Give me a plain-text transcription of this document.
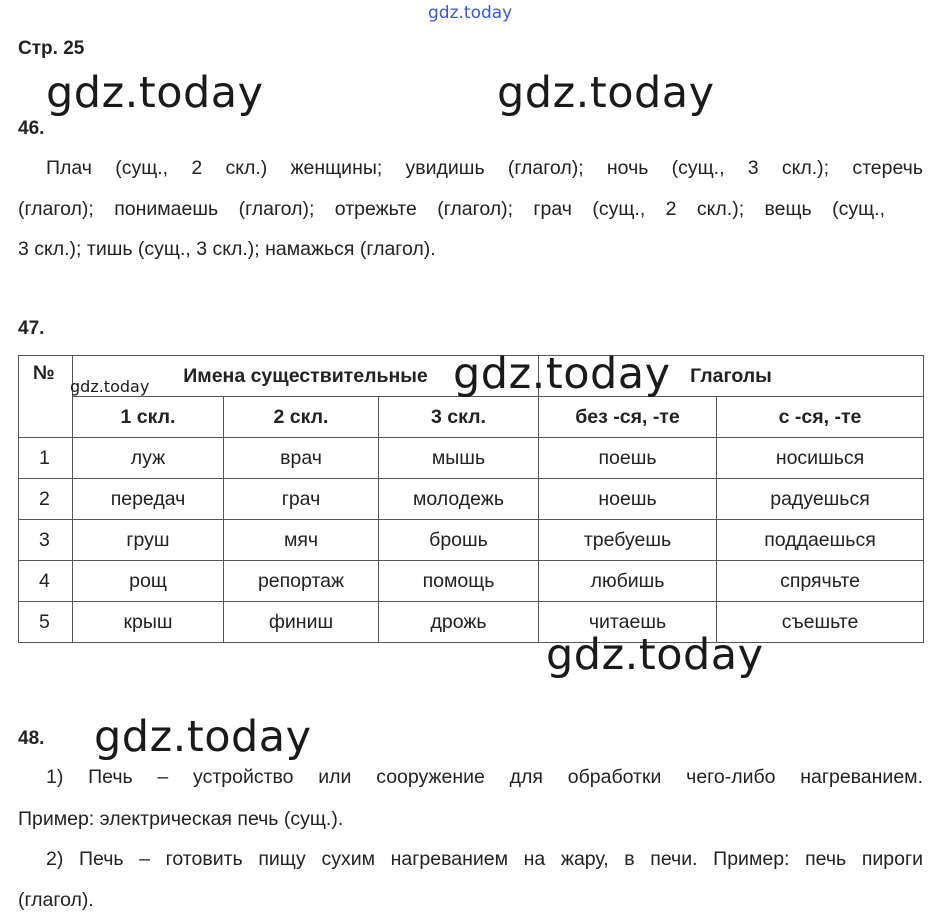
gdz.today
gdz.today	gdz.today
Стр. 25
46.
Плач (сущ., 2 скл.) женщины; увидишь (глагол); ночь (сущ., 3 скл.); стеречь
(глагол); понимаешь (глагол); отрежьте (глагол); грач (сущ., 2 скл.); вещь (сущ.,
3 скл.); тишь (сущ., 3 скл.); намажься (глагол).
47.
№	Имена существительные			Глаголы	
	1 скл.	2 скл.	3 скл.	без -ся, -те	с -ся, -те
1	луж	врач	мышь	поешь	носишься
2	передач	грач	молодежь	ноешь	радуешься
3	груш	мяч	брошь	требуешь	поддаешься
4	рощ	репортаж	помощь	любишь	спрячьте
5	крыш	финиш	дрожь	читаешь	съешьте
gdz.today	gdz.today
gdz.today
48. gdz.today
1) Печь – устройство или сооружение для обработки чего-либо нагреванием.
Пример: электрическая печь (сущ.).
2) Печь – готовить пищу сухим нагреванием на жару, в печи. Пример: печь пироги
(глагол).
